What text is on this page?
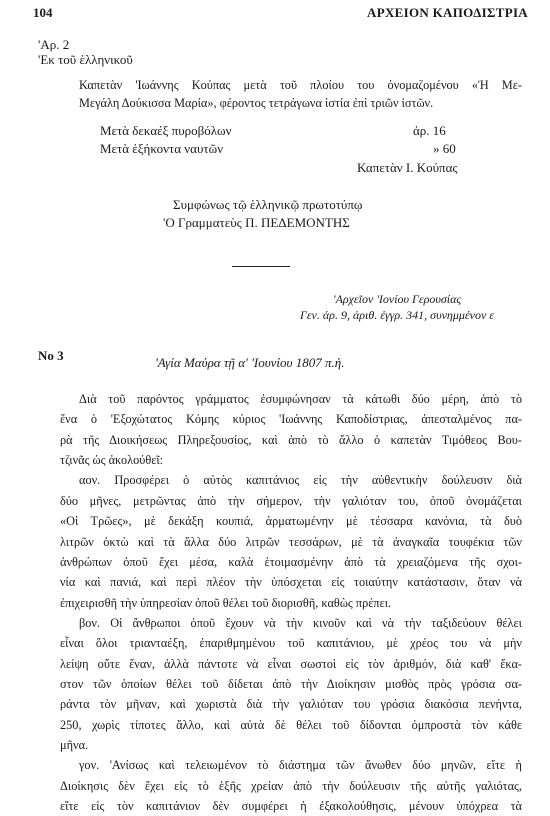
104	ΑΡΧΕΙΟΝ ΚΑΠΟΔΙΣΤΡΙΑ
'Αρ. 2
'Εκ τοῦ ἑλληνικοῦ
Καπετὰν 'Ιωάννης Κούπας μετὰ τοῦ πλοίου του ὀνομαζομένου «Ἡ Με-
Μεγάλη Δούκισσα Μαρία», φέροντος τετράγωνα ἱστία ἐπὶ τριῶν ἱστῶν.
Μετὰ δεκαέξ πυροβόλων	ἀρ. 16
Μετὰ ἑξήκοντα ναυτῶν	» 60
Καπετὰν Ι. Κούπας
Συμφώνως τῷ ἑλληνικῷ πρωτοτύπῳ
'Ο Γραμματεὺς Π. ΠΕΔΕΜΟΝΤΗΣ
'Αρχεῖον 'Ιονίου Γερουσίας
Γεν. ἀρ. 9, ἀριθ. ἐγγρ. 341, συνημμένον ε
Νο 3	'Αγία Μαύρα τῇ α' 'Ιουνίου 1807 π.ἡ.
Διὰ τοῦ παρόντος γράμματος ἐσυμφώνησαν τὰ κάτωθι δύο μέρη, ἀπὸ τὸ
ἕνα ὁ 'Εξοχώτατος Κόμης κύριος 'Ιωάννης Καποδίστριας, ἀπεσταλμένος πα-
ρὰ τῆς Διοικήσεως Πληρεξουσίος, καὶ ἀπὸ τὸ ἄλλο ὁ καπετὰν Τιμόθεος Βου-
τζινᾶς ὡς ἀκολούθεῖ:
αον. Προσφέρει ὁ αὐτὸς καπιτάνιος εἰς τὴν αὐθεντικὴν δούλευσιν διὰ
δύο μῆνες, μετρῶντας ἀπὸ τὴν σήμερον, τὴν γαλιόταν του, ὀποῦ ὀνομάζεται
«Οἱ Τρῶες», μὲ δεκάξη κουπιά, ἀρματωμένην μὲ τέσσαρα κανόνια, τὰ δυὸ
λιτρῶν ὀκτὼ καὶ τὰ ἄλλα δύο λιτρῶν τεσσάρων, μὲ τὰ ἀναγκαῖα τουφέκια τῶν
ἀνθρώπων ὀποῦ ἔχει μέσα, καλὰ ἑτοιμασμένην ἀπὸ τὰ χρειαζόμενα τῆς σχοι-
νία καὶ πανιά, καὶ περὶ πλέον τὴν ὑπόσχεται εἰς τοιαύτην κατάστασιν, ὅταν νὰ
ἐπιχειρισθῆ τὴν ὑπηρεσίαν ὀποῦ θέλει τοῦ διορισθῆ, καθὼς πρέπει.
βον. Οἱ ἄνθρωποι ὀποῦ ἔχουν νὰ τὴν κινοῦν καὶ νὰ τὴν ταξιδεύουν θέλει
εἶναι ὅλοι τριανταέξη, ἐπαριθμημένου τοῦ καπιτάνιου, μὲ χρέος του νὰ μὴν
λείψη οὔτε ἕναν, ἀλλὰ πάντοτε νὰ εἶναι σωστοὶ εἰς τὸν ἀριθμόν, διὰ καθ' ἕκα-
στον τῶν ὁποίων θέλει τοῦ δίδεται ἀπὸ τὴν Διοίκησιν μισθὸς πρὸς γρόσια σα-
ράντα τὸν μῆναν, καὶ χωριστὰ διὰ τὴν γαλιόταν του γρόσια διακόσια πενήντα,
250, χωρὶς τίποτες ἄλλο, καὶ αὐτὰ δὲ θέλει τοῦ δίδονται ὀμπροστὰ τὸν κάθε
μῆνα.
γον. 'Ανίσως καὶ τελειωμένον τὸ διάστημα τῶν ἄνωθεν δύο μηνῶν, εἴτε ἡ
Διοίκησις δὲν ἔχει εἰς τὸ ἑξῆς χρείαν ἀπὸ τὴν δούλευσιν τῆς αὐτῆς γαλιότας,
εἴτε εἰς τὸν καπιτάνιον δὲν συμφέρει ἡ ἐξακολούθησις, μένουν ὑπόχρεα τὰ
